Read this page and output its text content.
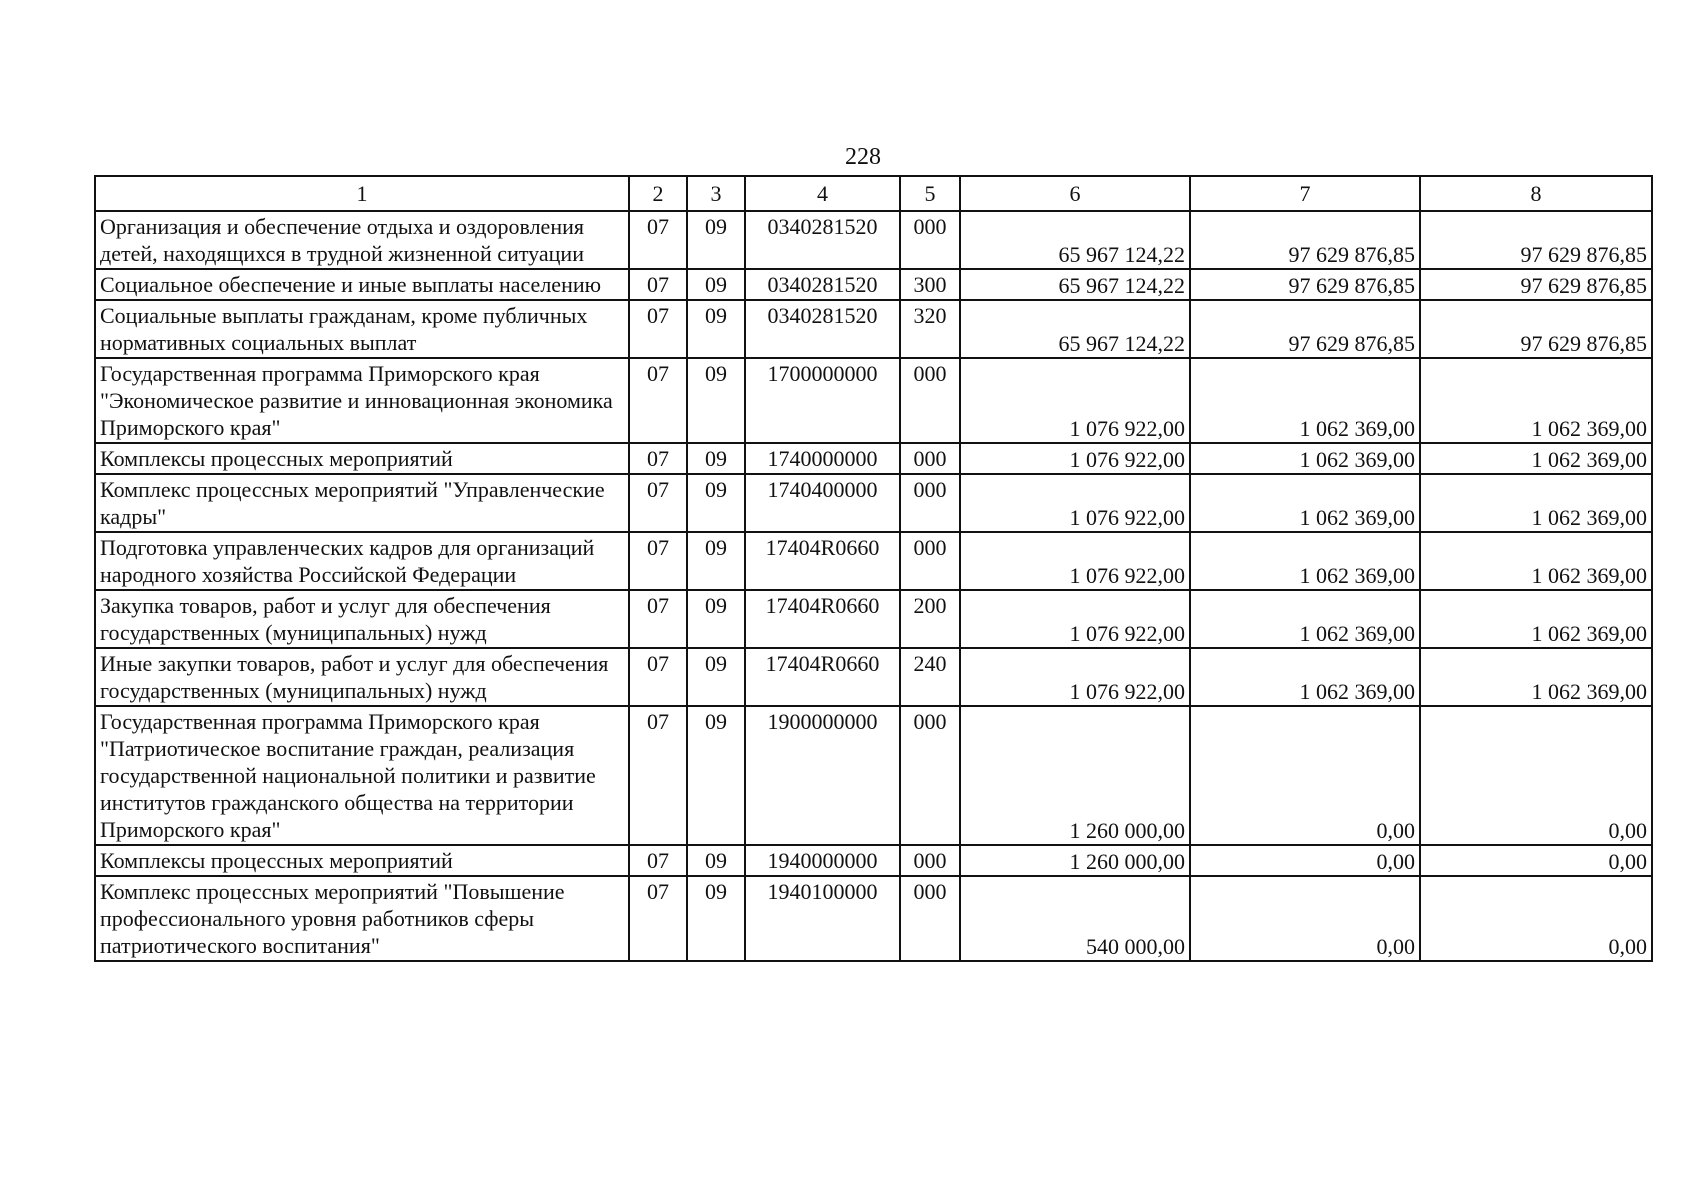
228
1	2	3	4	5	6	7	8
Организация и обеспечение отдыха и оздоровления детей, находящихся в трудной жизненной ситуации	07	09	0340281520	000	65 967 124,22	97 629 876,85	97 629 876,85
Социальное обеспечение и иные выплаты населению	07	09	0340281520	300	65 967 124,22	97 629 876,85	97 629 876,85
Социальные выплаты гражданам, кроме публичных нормативных социальных выплат	07	09	0340281520	320	65 967 124,22	97 629 876,85	97 629 876,85
Государственная программа Приморского края "Экономическое развитие и инновационная экономика Приморского края"	07	09	1700000000	000	1 076 922,00	1 062 369,00	1 062 369,00
Комплексы процессных мероприятий	07	09	1740000000	000	1 076 922,00	1 062 369,00	1 062 369,00
Комплекс процессных мероприятий "Управленческие кадры"	07	09	1740400000	000	1 076 922,00	1 062 369,00	1 062 369,00
Подготовка управленческих кадров для организаций народного хозяйства Российской Федерации	07	09	17404R0660	000	1 076 922,00	1 062 369,00	1 062 369,00
Закупка товаров, работ и услуг для обеспечения государственных (муниципальных) нужд	07	09	17404R0660	200	1 076 922,00	1 062 369,00	1 062 369,00
Иные закупки товаров, работ и услуг для обеспечения государственных (муниципальных) нужд	07	09	17404R0660	240	1 076 922,00	1 062 369,00	1 062 369,00
Государственная программа Приморского края "Патриотическое воспитание граждан, реализация государственной национальной политики и развитие институтов гражданского общества на территории Приморского края"	07	09	1900000000	000	1 260 000,00	0,00	0,00
Комплексы процессных мероприятий	07	09	1940000000	000	1 260 000,00	0,00	0,00
Комплекс процессных мероприятий "Повышение профессионального уровня работников сферы патриотического воспитания"	07	09	1940100000	000	540 000,00	0,00	0,00
